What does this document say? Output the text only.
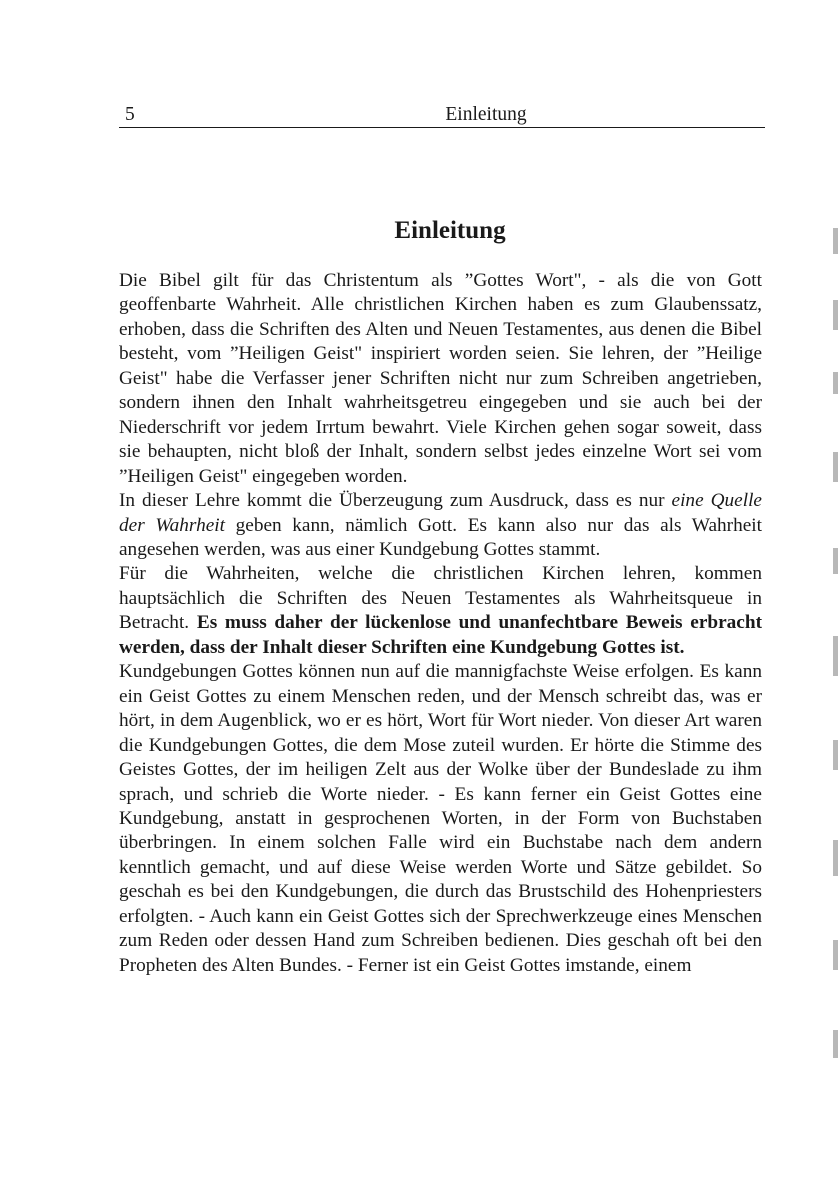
5	Einleitung
Einleitung

Die Bibel gilt für das Christentum als ”Gottes Wort", - als die von Gott geoffenbarte Wahrheit. Alle christlichen Kirchen haben es zum Glaubenssatz, erhoben, dass die Schriften des Alten und Neuen Testamentes, aus denen die Bibel besteht, vom ”Heiligen Geist" inspiriert worden seien. Sie lehren, der ”Heilige Geist" habe die Verfasser jener Schriften nicht nur zum Schreiben angetrieben, sondern ihnen den Inhalt wahrheitsgetreu eingegeben und sie auch bei der Niederschrift vor jedem Irrtum bewahrt. Viele Kirchen gehen sogar soweit, dass sie behaupten, nicht bloß der Inhalt, sondern selbst jedes einzelne Wort sei vom ”Heiligen Geist" eingegeben worden.

In dieser Lehre kommt die Überzeugung zum Ausdruck, dass es nur eine Quelle der Wahrheit geben kann, nämlich Gott. Es kann also nur das als Wahrheit angesehen werden, was aus einer Kundgebung Gottes stammt.

Für die Wahrheiten, welche die christlichen Kirchen lehren, kommen hauptsächlich die Schriften des Neuen Testamentes als Wahrheitsqueue in Betracht. Es muss daher der lückenlose und unanfechtbare Beweis erbracht werden, dass der Inhalt dieser Schriften eine Kundgebung Gottes ist.

Kundgebungen Gottes können nun auf die mannigfachste Weise erfolgen. Es kann ein Geist Gottes zu einem Menschen reden, und der Mensch schreibt das, was er hört, in dem Augenblick, wo er es hört, Wort für Wort nieder. Von dieser Art waren die Kundgebungen Gottes, die dem Mose zuteil wurden. Er hörte die Stimme des Geistes Gottes, der im heiligen Zelt aus der Wolke über der Bundeslade zu ihm sprach, und schrieb die Worte nieder. - Es kann ferner ein Geist Gottes eine Kundgebung, anstatt in gesprochenen Worten, in der Form von Buchstaben überbringen. In einem solchen Falle wird ein Buchstabe nach dem andern kenntlich gemacht, und auf diese Weise werden Worte und Sätze gebildet. So geschah es bei den Kundgebungen, die durch das Brustschild des Hohenpriesters erfolgten. - Auch kann ein Geist Gottes sich der Sprechwerkzeuge eines Menschen zum Reden oder dessen Hand zum Schreiben bedienen. Dies geschah oft bei den Propheten des Alten Bundes. - Ferner ist ein Geist Gottes imstande, einem
